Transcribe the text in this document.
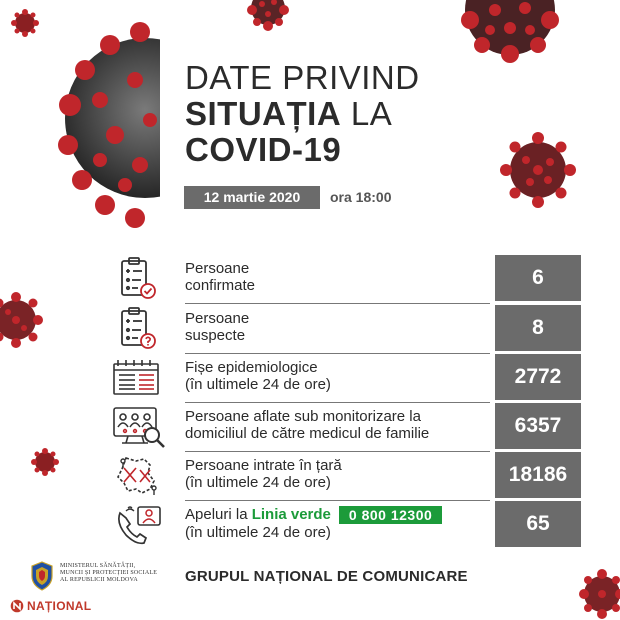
DATE PRIVIND
SITUAȚIA LA
COVID-19
12 martie 2020	ora 18:00
Persoane
confirmate	6
Persoane
suspecte	8
Fișe epidemiologice
(în ultimele 24 de ore)	2772
Persoane aflate sub monitorizare la
domiciliul de către medicul de familie	6357
Persoane intrate în țară
(în ultimele 24 de ore)	18186
Apeluri la Linia verde 0 800 12300
(în ultimele 24 de ore)	65
MINISTERUL SĂNĂTĂȚII,
MUNCII ȘI PROTECȚIEI SOCIALE
AL REPUBLICII MOLDOVA	GRUPUL NAȚIONAL DE COMUNICARE
NAȚIONAL
